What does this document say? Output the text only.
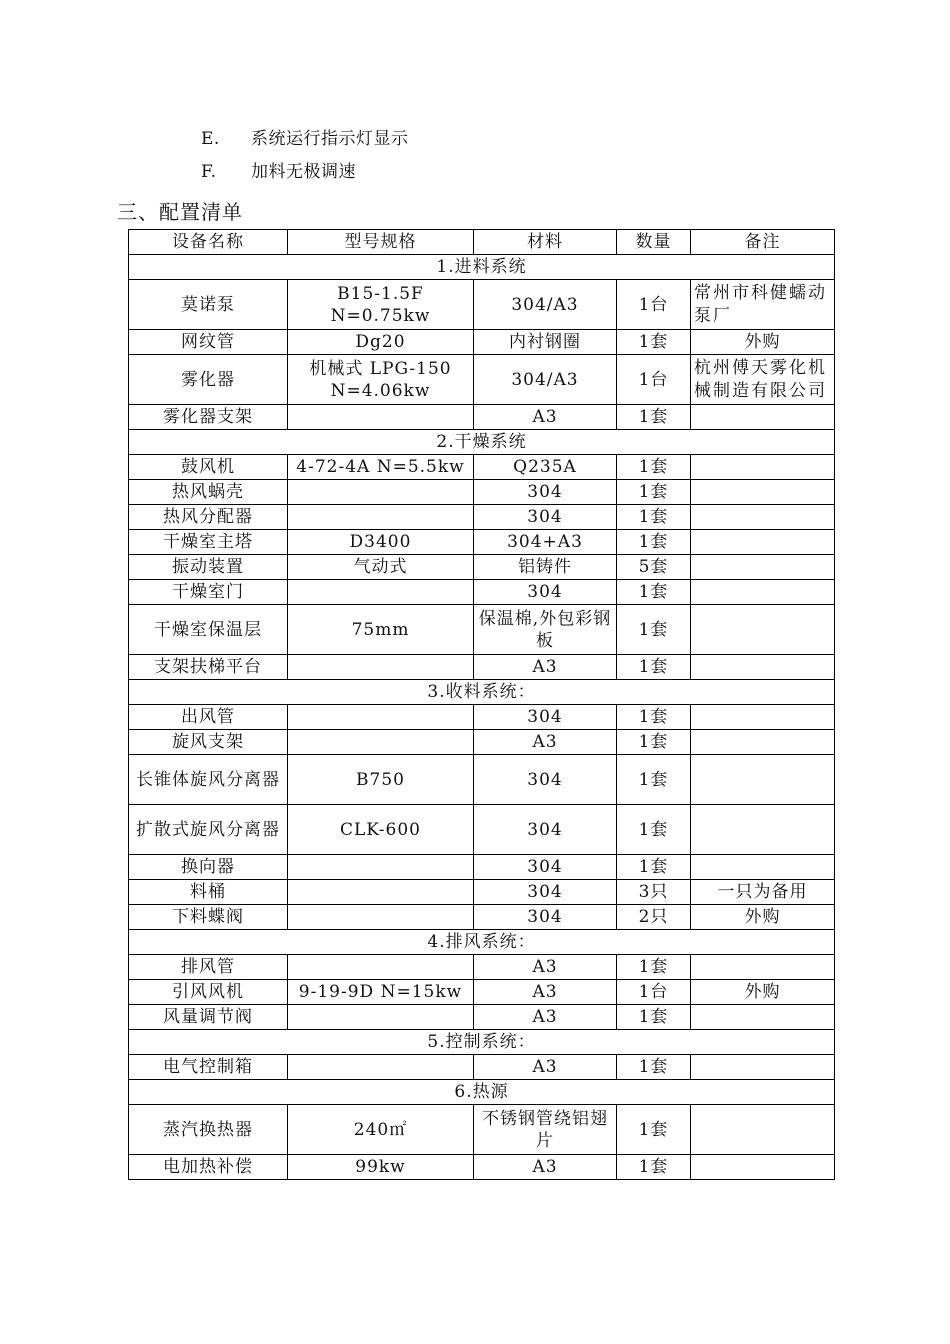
E. 系统运行指示灯显示
F. 加料无极调速
三、配置清单
设备名称	型号规格	材料	数量	备注
1.进料系统				
莫诺泵	B15-1.5F N=0.75kw	304/A3	1台	常州市科健蠕动泵厂
网纹管	Dg20	内衬钢圈	1套	外购
雾化器	机械式 LPG-150 N=4.06kw	304/A3	1台	杭州傅天雾化机械制造有限公司
雾化器支架		A3	1套	
2.干燥系统				
鼓风机	4-72-4A N=5.5kw	Q235A	1套	
热风蜗壳		304	1套	
热风分配器		304	1套	
干燥室主塔	D3400	304+A3	1套	
振动装置	气动式	铝铸件	5套	
干燥室门		304	1套	
干燥室保温层	75mm	保温棉,外包彩钢板	1套	
支架扶梯平台		A3	1套	
3.收料系统：				
出风管		304	1套	
旋风支架		A3	1套	
长锥体旋风分离器	B750	304	1套	
扩散式旋风分离器	CLK-600	304	1套	
换向器		304	1套	
料桶		304	3只	一只为备用
下料蝶阀		304	2只	外购
4.排风系统：				
排风管		A3	1套	
引风风机	9-19-9D N=15kw	A3	1台	外购
风量调节阀		A3	1套	
5.控制系统：				
电气控制箱		A3	1套	
6.热源				
蒸汽换热器	240㎡	不锈钢管绕铝翅片	1套	
电加热补偿	99kw	A3	1套	
